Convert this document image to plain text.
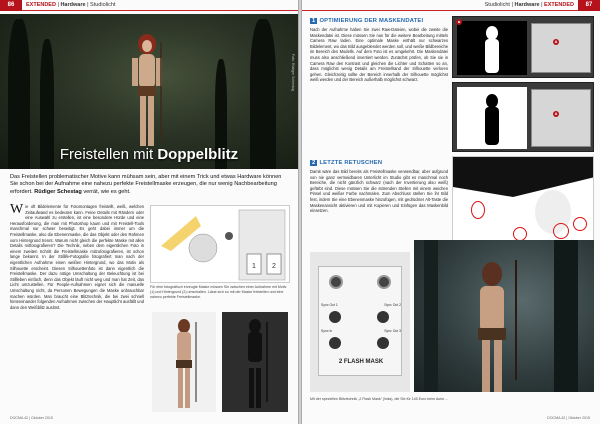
86	EXTENDED | Hardware | Studiolicht
Foto: Rüdiger Schestag
Freistellen mit Doppelblitz
Das Freistellen problematischer Motive kann mühsam sein, aber mit einem Trick und etwas Hardware können Sie schon bei der Aufnahme eine nahezu perfekte Freistellmaske erzeugen, die nur wenig Nachbearbeitung erfordert. Rüdiger Schestag verrät, wie es geht.
Wie oft Bildelemente für Fotomontagen freistellt, weiß, welchen Zeitaufwand es bedeuten kann. Feine Details mit Rändern oder eine Auswahl zu erstellen, ist eine besondere Hürde und eine Herausforderung, die man mit Photoshop kaum und mit Freistell-Tools manchmal nur schwer beseitigt. Es geht dabei immer um die Freistellmaske, also die Ebenenmaske, die das Objekt oder den Rahmen vom Hintergrund trennt. Warum nicht gleich die perfekte Maske mit allen Details mitfotografieren? Die Technik, neben dem eigentlichen Foto in einem zweiten Schritt die Freistellmaske mitzufotografieren, ist schon lange bekannt. In der Stillife-Fotografie fotografiert man nach der eigentlichen Aufnahme einen weißen Hintergrund, wo das Motiv als Silhouette erscheint. Diesen Silhouettenfoto ist dann eigentlich die Freistellmaske. Der dazu nötige Umschaltung der Beleuchtung ist bei Stillleben einfach, denn das Objekt läuft nicht weg und man hat Zeit, das Licht umzustellen. Für People-Aufnahmen eignet sich die manuelle Umschaltung nicht, da Personen Bewegungen die Maske unbrauchbar machen würden. Man braucht eine Blitztechnik, die bei zwei schnell hintereinander folgenden Aufnahmen zwischen der Hauptlicht ausfällt und dann den Weißblitz auslöst.
1 2
Für eine fotografisch erzeugte Maske müssen Sie zwischen einer Aufnahme mit Motiv (1) und Hintergrund (2) umschalten. Lässt sich so mit der Maske freistellen und eine nahezu perfekte Freistellmaske.
DOCMA 42 | Oktober 2015
Studiolicht | Hardware | EXTENDED	87
1 OPTIMIERUNG DER MASKENDATEI
Nach der Aufnahme haben Sie zwei Raw-Dateien, wobei die zweite die Maskendatei ist. Diese müssen Sie nun für die weitere Bearbeitung mittels Camera Raw laden. Eine optimale Maske enthält nur schwarzes Bildelement, wo das Bild ausgeblendet werden soll, und weiße Bildbereiche im Bereich des Modells. Auf dem Foto ist es umgekehrt. Die Maskendatei muss also anschließend invertiert werden. Zunächst prüfen, ob Sie sie in Camera Raw den Kontrast und gleichen die Lichter und Schatten so an, dass möglichst wenig Details am Freistellrand der Silhouette verloren gehen. Gleichzeitig sollte der Bereich innerhalb der Silhouette möglichst weiß werden und der Bereich außerhalb möglichst schwarz.
a
A
A
2 LETZTE RETUSCHEN
Damit wäre das Bild bereits als Freistellmaske verwendbar, aber aufgrund von nie ganz vermeidbaren Unterlicht im Studio gibt es manchmal noch Bereiche, die nicht gänzlich schwarz (nach der Invertierung also weiß) gefärbt sind. Diese müssen Sie die störenden Stellen mit einem weichen Pinsel und weißer Farbe nachmalen. Zum Abschluss stellen Sie ihr Bild fest, indem Sie eine Ebenenmaske hinzufügen, mit gedrückter Alt-Taste die Maskenansicht aktivieren und mit Kopieren und Einfügen das Maskenbild einsetzen.
Sync Out 1	Sync Out 2
Sync In	Sync Out 3
2 FLASH MASK
Mit der speziellen Blitztechnik „2 Flash Mask“ (links), die Sie für 145 Euro beim Autor ...
DOCMA 42 | Oktober 2015
